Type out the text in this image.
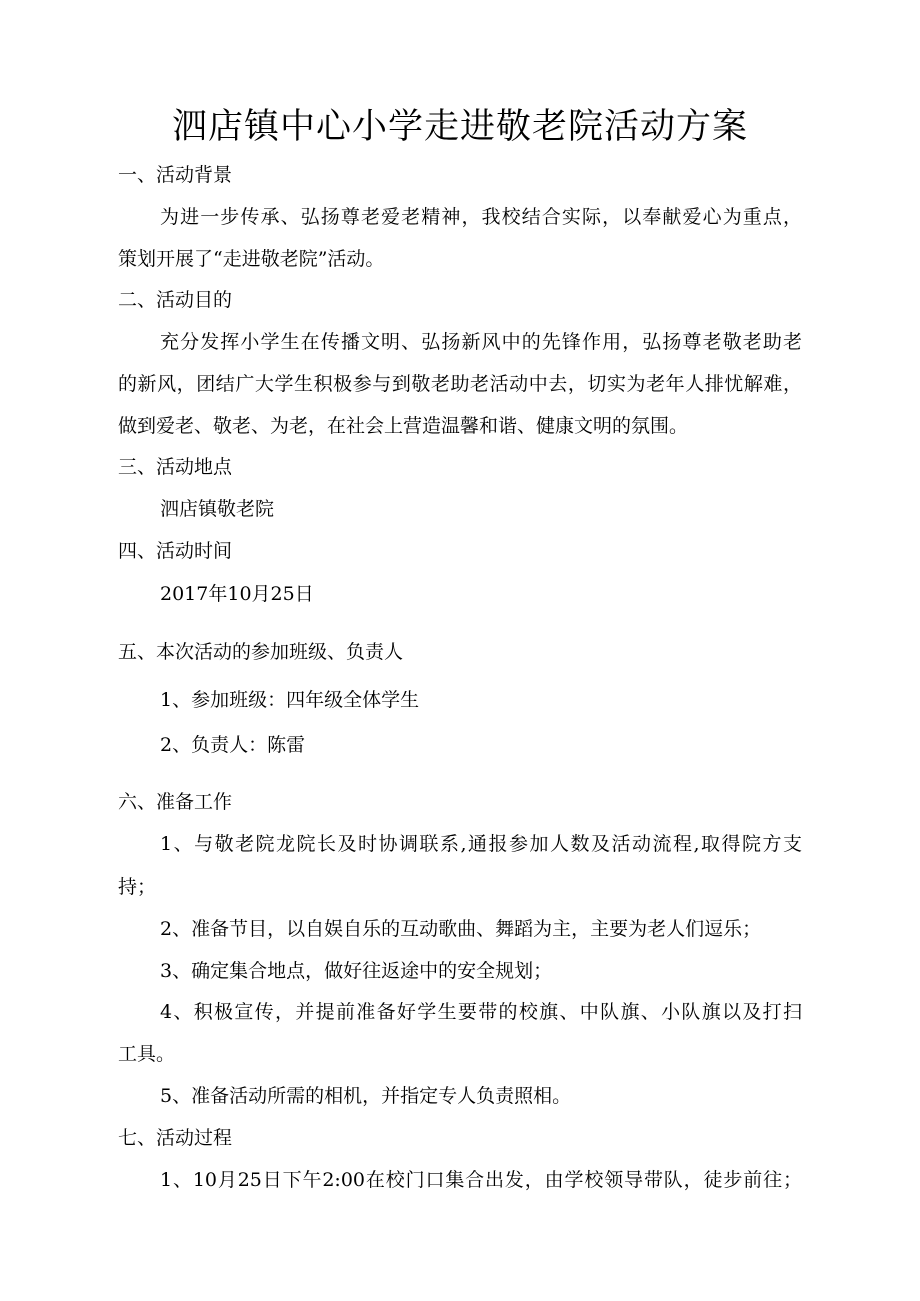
泗店镇中心小学走进敬老院活动方案
一、活动背景
为进一步传承、弘扬尊老爱老精神，我校结合实际，以奉献爱心为重点，
策划开展了“走进敬老院”活动。
二、活动目的
充分发挥小学生在传播文明、弘扬新风中的先锋作用，弘扬尊老敬老助老
的新风，团结广大学生积极参与到敬老助老活动中去，切实为老年人排忧解难，
做到爱老、敬老、为老，在社会上营造温馨和谐、健康文明的氛围。
三、活动地点
泗店镇敬老院
四、活动时间
2017年10月25日
五、本次活动的参加班级、负责人
1、参加班级：四年级全体学生
2、负责人：陈雷
六、准备工作
1、与敬老院龙院长及时协调联系,通报参加人数及活动流程,取得院方支
持；
2、准备节目，以自娱自乐的互动歌曲、舞蹈为主，主要为老人们逗乐；
3、确定集合地点，做好往返途中的安全规划；
4、积极宣传，并提前准备好学生要带的校旗、中队旗、小队旗以及打扫
工具。
5、准备活动所需的相机，并指定专人负责照相。
七、活动过程
1、10月25日下午2:00在校门口集合出发，由学校领导带队，徒步前往；
